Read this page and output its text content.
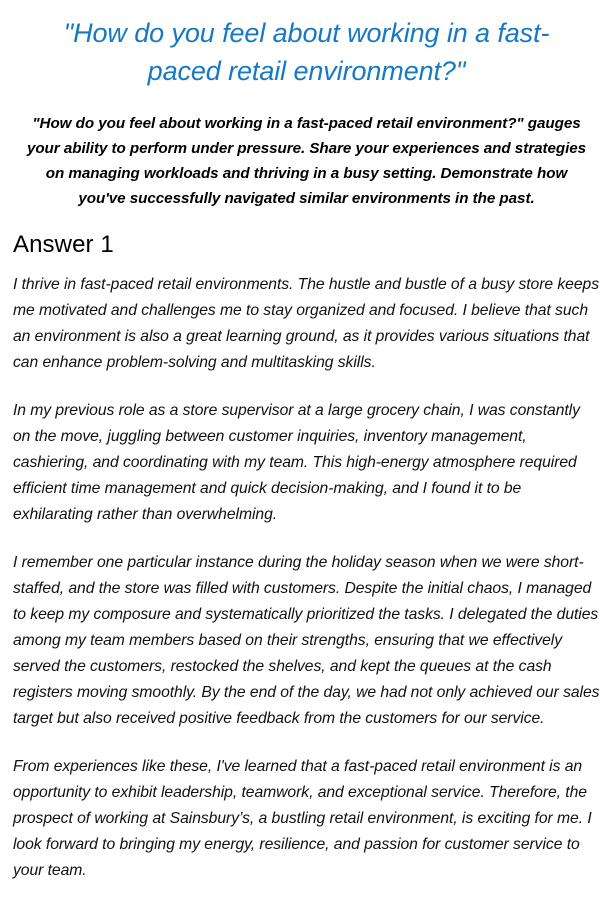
"How do you feel about working in a fast-paced retail environment?"

"How do you feel about working in a fast-paced retail environment?" gauges your ability to perform under pressure. Share your experiences and strategies on managing workloads and thriving in a busy setting. Demonstrate how you've successfully navigated similar environments in the past.

Answer 1

I thrive in fast-paced retail environments. The hustle and bustle of a busy store keeps me motivated and challenges me to stay organized and focused. I believe that such an environment is also a great learning ground, as it provides various situations that can enhance problem-solving and multitasking skills.

In my previous role as a store supervisor at a large grocery chain, I was constantly on the move, juggling between customer inquiries, inventory management, cashiering, and coordinating with my team. This high-energy atmosphere required efficient time management and quick decision-making, and I found it to be exhilarating rather than overwhelming.

I remember one particular instance during the holiday season when we were short-staffed, and the store was filled with customers. Despite the initial chaos, I managed to keep my composure and systematically prioritized the tasks. I delegated the duties among my team members based on their strengths, ensuring that we effectively served the customers, restocked the shelves, and kept the queues at the cash registers moving smoothly. By the end of the day, we had not only achieved our sales target but also received positive feedback from the customers for our service.

From experiences like these, I've learned that a fast-paced retail environment is an opportunity to exhibit leadership, teamwork, and exceptional service. Therefore, the prospect of working at Sainsbury’s, a bustling retail environment, is exciting for me. I look forward to bringing my energy, resilience, and passion for customer service to your team.
